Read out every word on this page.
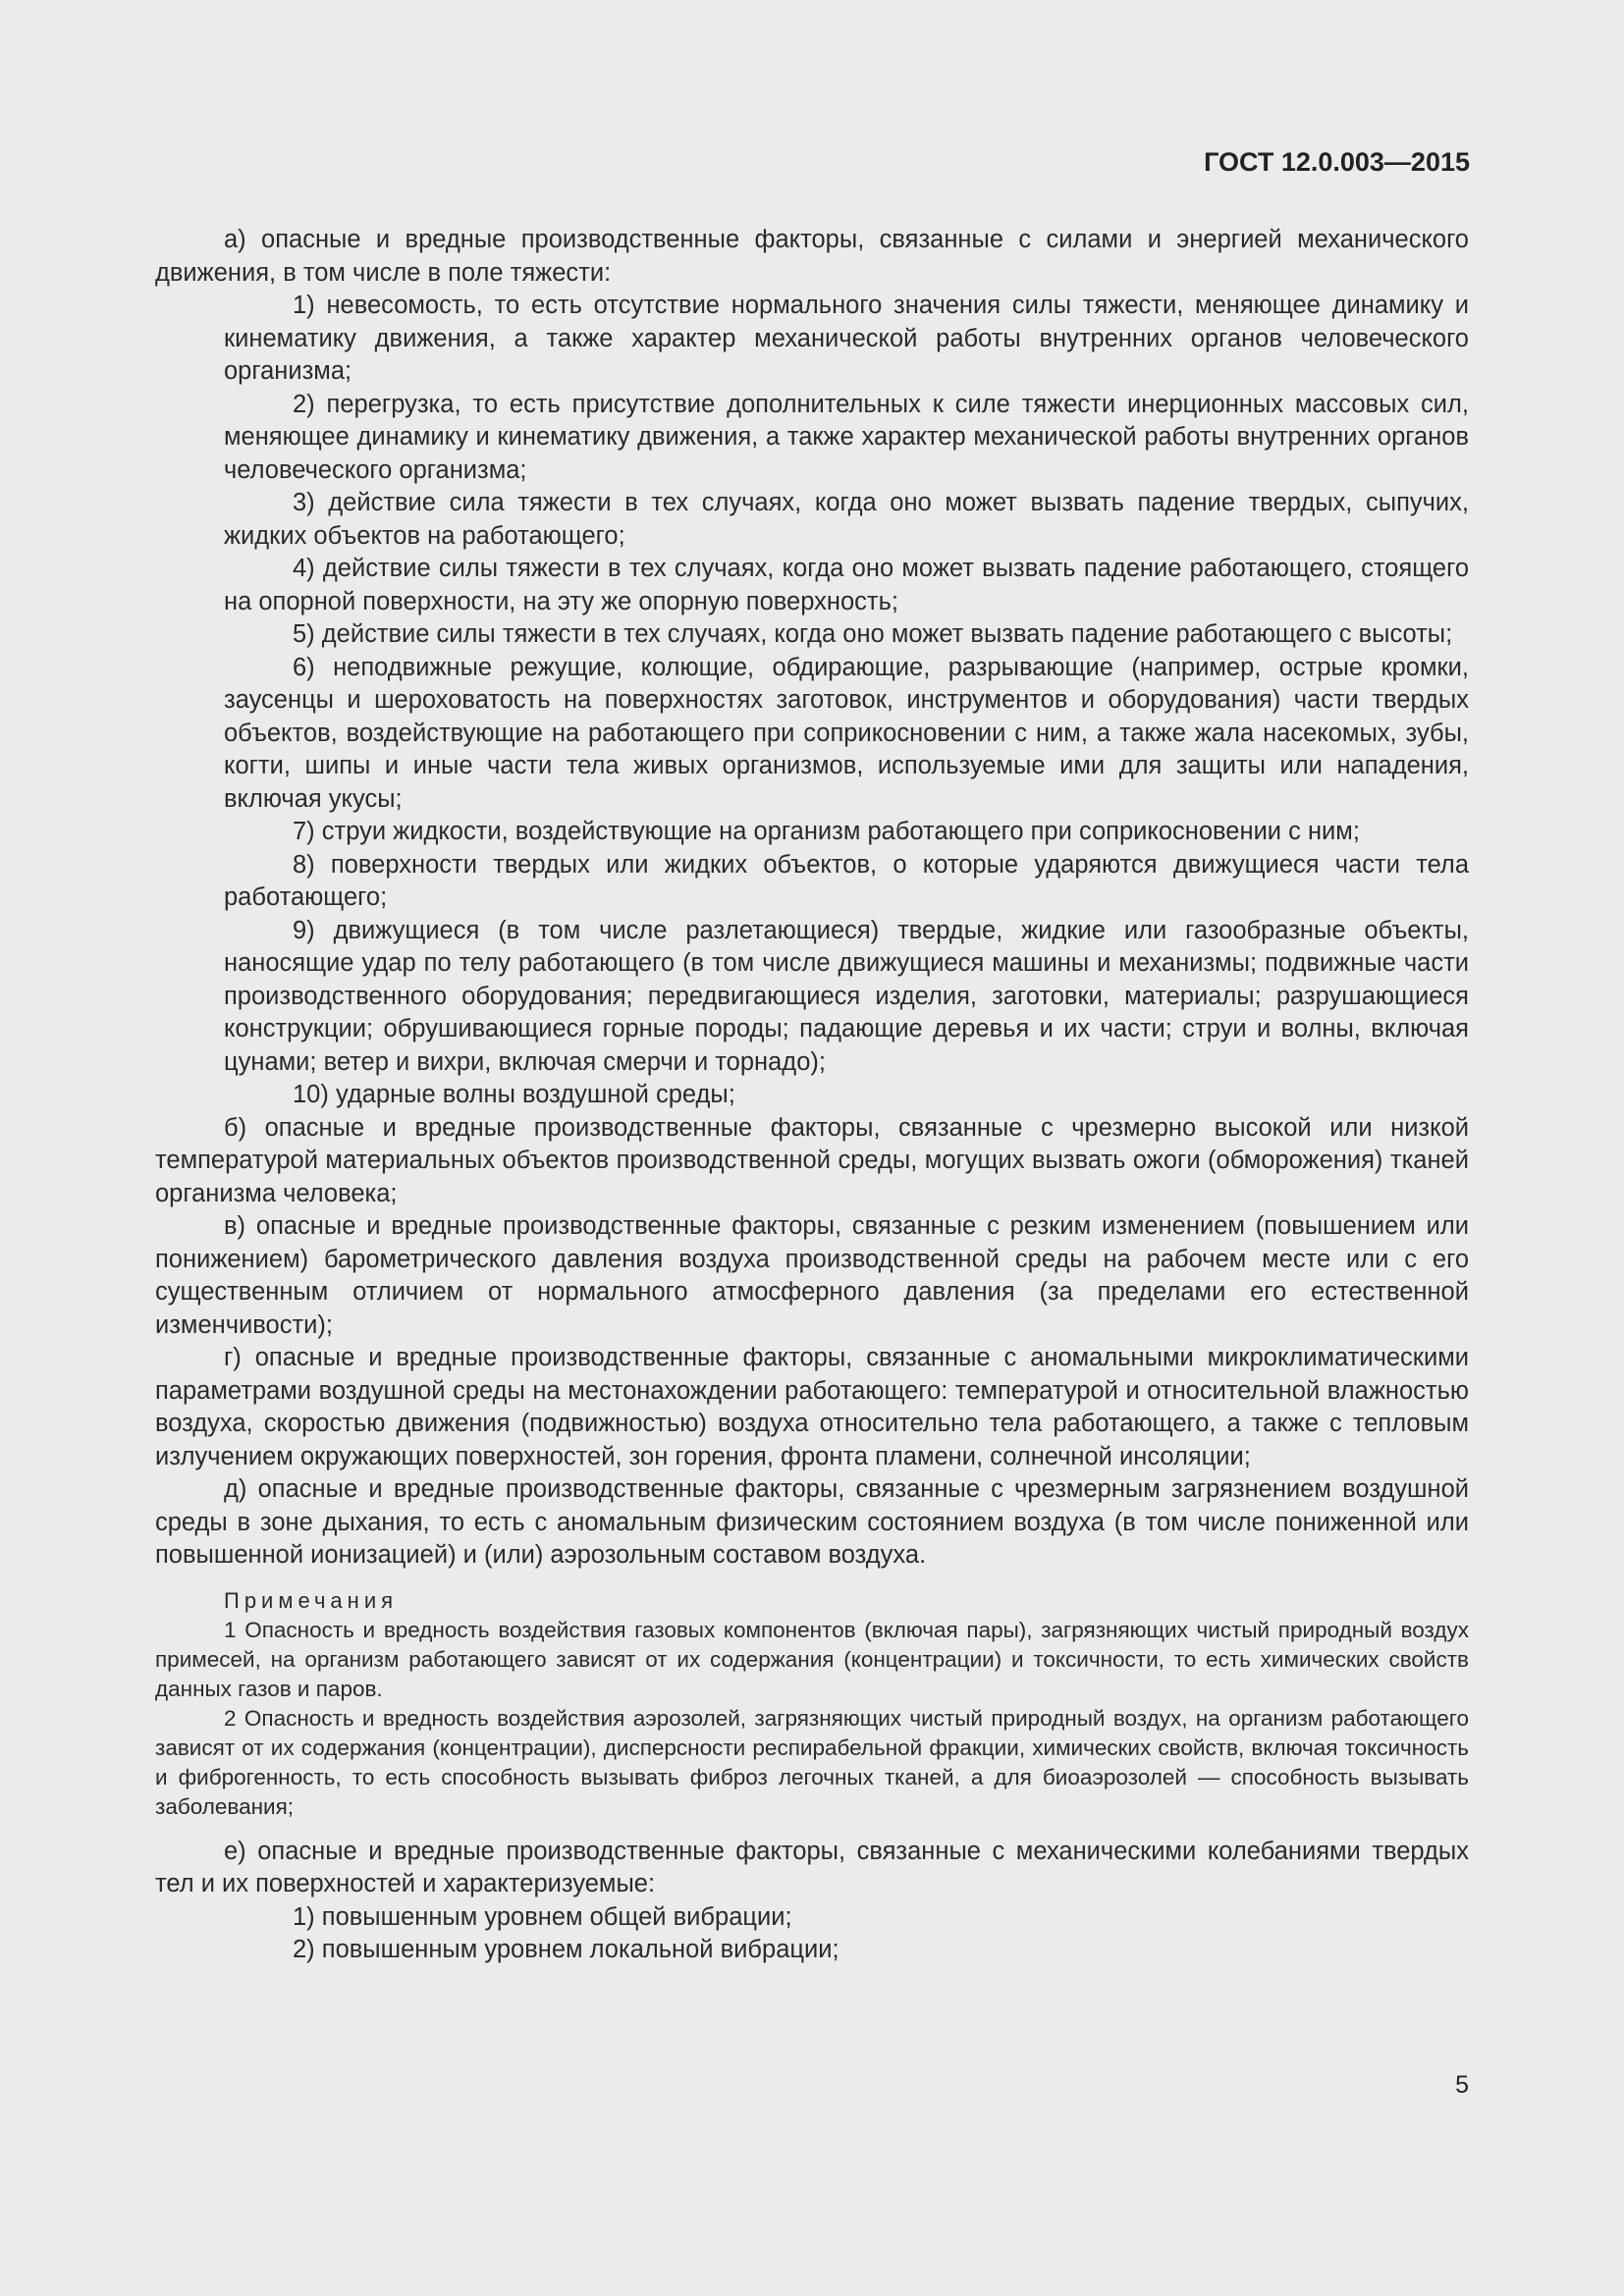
ГОСТ 12.0.003—2015

а) опасные и вредные производственные факторы, связанные с силами и энергией механического движения, в том числе в поле тяжести:

1) невесомость, то есть отсутствие нормального значения силы тяжести, меняющее динамику и кинематику движения, а также характер механической работы внутренних органов человеческого организма;

2) перегрузка, то есть присутствие дополнительных к силе тяжести инерционных массовых сил, меняющее динамику и кинематику движения, а также характер механической работы внутренних органов человеческого организма;

3) действие сила тяжести в тех случаях, когда оно может вызвать падение твердых, сыпучих, жидких объектов на работающего;

4) действие силы тяжести в тех случаях, когда оно может вызвать падение работающего, стоящего на опорной поверхности, на эту же опорную поверхность;

5) действие силы тяжести в тех случаях, когда оно может вызвать падение работающего с высоты;

6) неподвижные режущие, колющие, обдирающие, разрывающие (например, острые кромки, заусенцы и шероховатость на поверхностях заготовок, инструментов и оборудования) части твердых объектов, воздействующие на работающего при соприкосновении с ним, а также жала насекомых, зубы, когти, шипы и иные части тела живых организмов, используемые ими для защиты или нападения, включая укусы;

7) струи жидкости, воздействующие на организм работающего при соприкосновении с ним;

8) поверхности твердых или жидких объектов, о которые ударяются движущиеся части тела работающего;

9) движущиеся (в том числе разлетающиеся) твердые, жидкие или газообразные объекты, наносящие удар по телу работающего (в том числе движущиеся машины и механизмы; подвижные части производственного оборудования; передвигающиеся изделия, заготовки, материалы; разрушающиеся конструкции; обрушивающиеся горные породы; падающие деревья и их части; струи и волны, включая цунами; ветер и вихри, включая смерчи и торнадо);

10) ударные волны воздушной среды;

б) опасные и вредные производственные факторы, связанные с чрезмерно высокой или низкой температурой материальных объектов производственной среды, могущих вызвать ожоги (обморожения) тканей организма человека;

в) опасные и вредные производственные факторы, связанные с резким изменением (повышением или понижением) барометрического давления воздуха производственной среды на рабочем месте или с его существенным отличием от нормального атмосферного давления (за пределами его естественной изменчивости);

г) опасные и вредные производственные факторы, связанные с аномальными микроклиматическими параметрами воздушной среды на местонахождении работающего: температурой и относительной влажностью воздуха, скоростью движения (подвижностью) воздуха относительно тела работающего, а также с тепловым излучением окружающих поверхностей, зон горения, фронта пламени, солнечной инсоляции;

д) опасные и вредные производственные факторы, связанные с чрезмерным загрязнением воздушной среды в зоне дыхания, то есть с аномальным физическим состоянием воздуха (в том числе пониженной или повышенной ионизацией) и (или) аэрозольным составом воздуха.

Примечания

1 Опасность и вредность воздействия газовых компонентов (включая пары), загрязняющих чистый природный воздух примесей, на организм работающего зависят от их содержания (концентрации) и токсичности, то есть химических свойств данных газов и паров.

2 Опасность и вредность воздействия аэрозолей, загрязняющих чистый природный воздух, на организм работающего зависят от их содержания (концентрации), дисперсности респирабельной фракции, химических свойств, включая токсичность и фиброгенность, то есть способность вызывать фиброз легочных тканей, а для биоаэрозолей — способность вызывать заболевания;

е) опасные и вредные производственные факторы, связанные с механическими колебаниями твердых тел и их поверхностей и характеризуемые:

1) повышенным уровнем общей вибрации;

2) повышенным уровнем локальной вибрации;

5
